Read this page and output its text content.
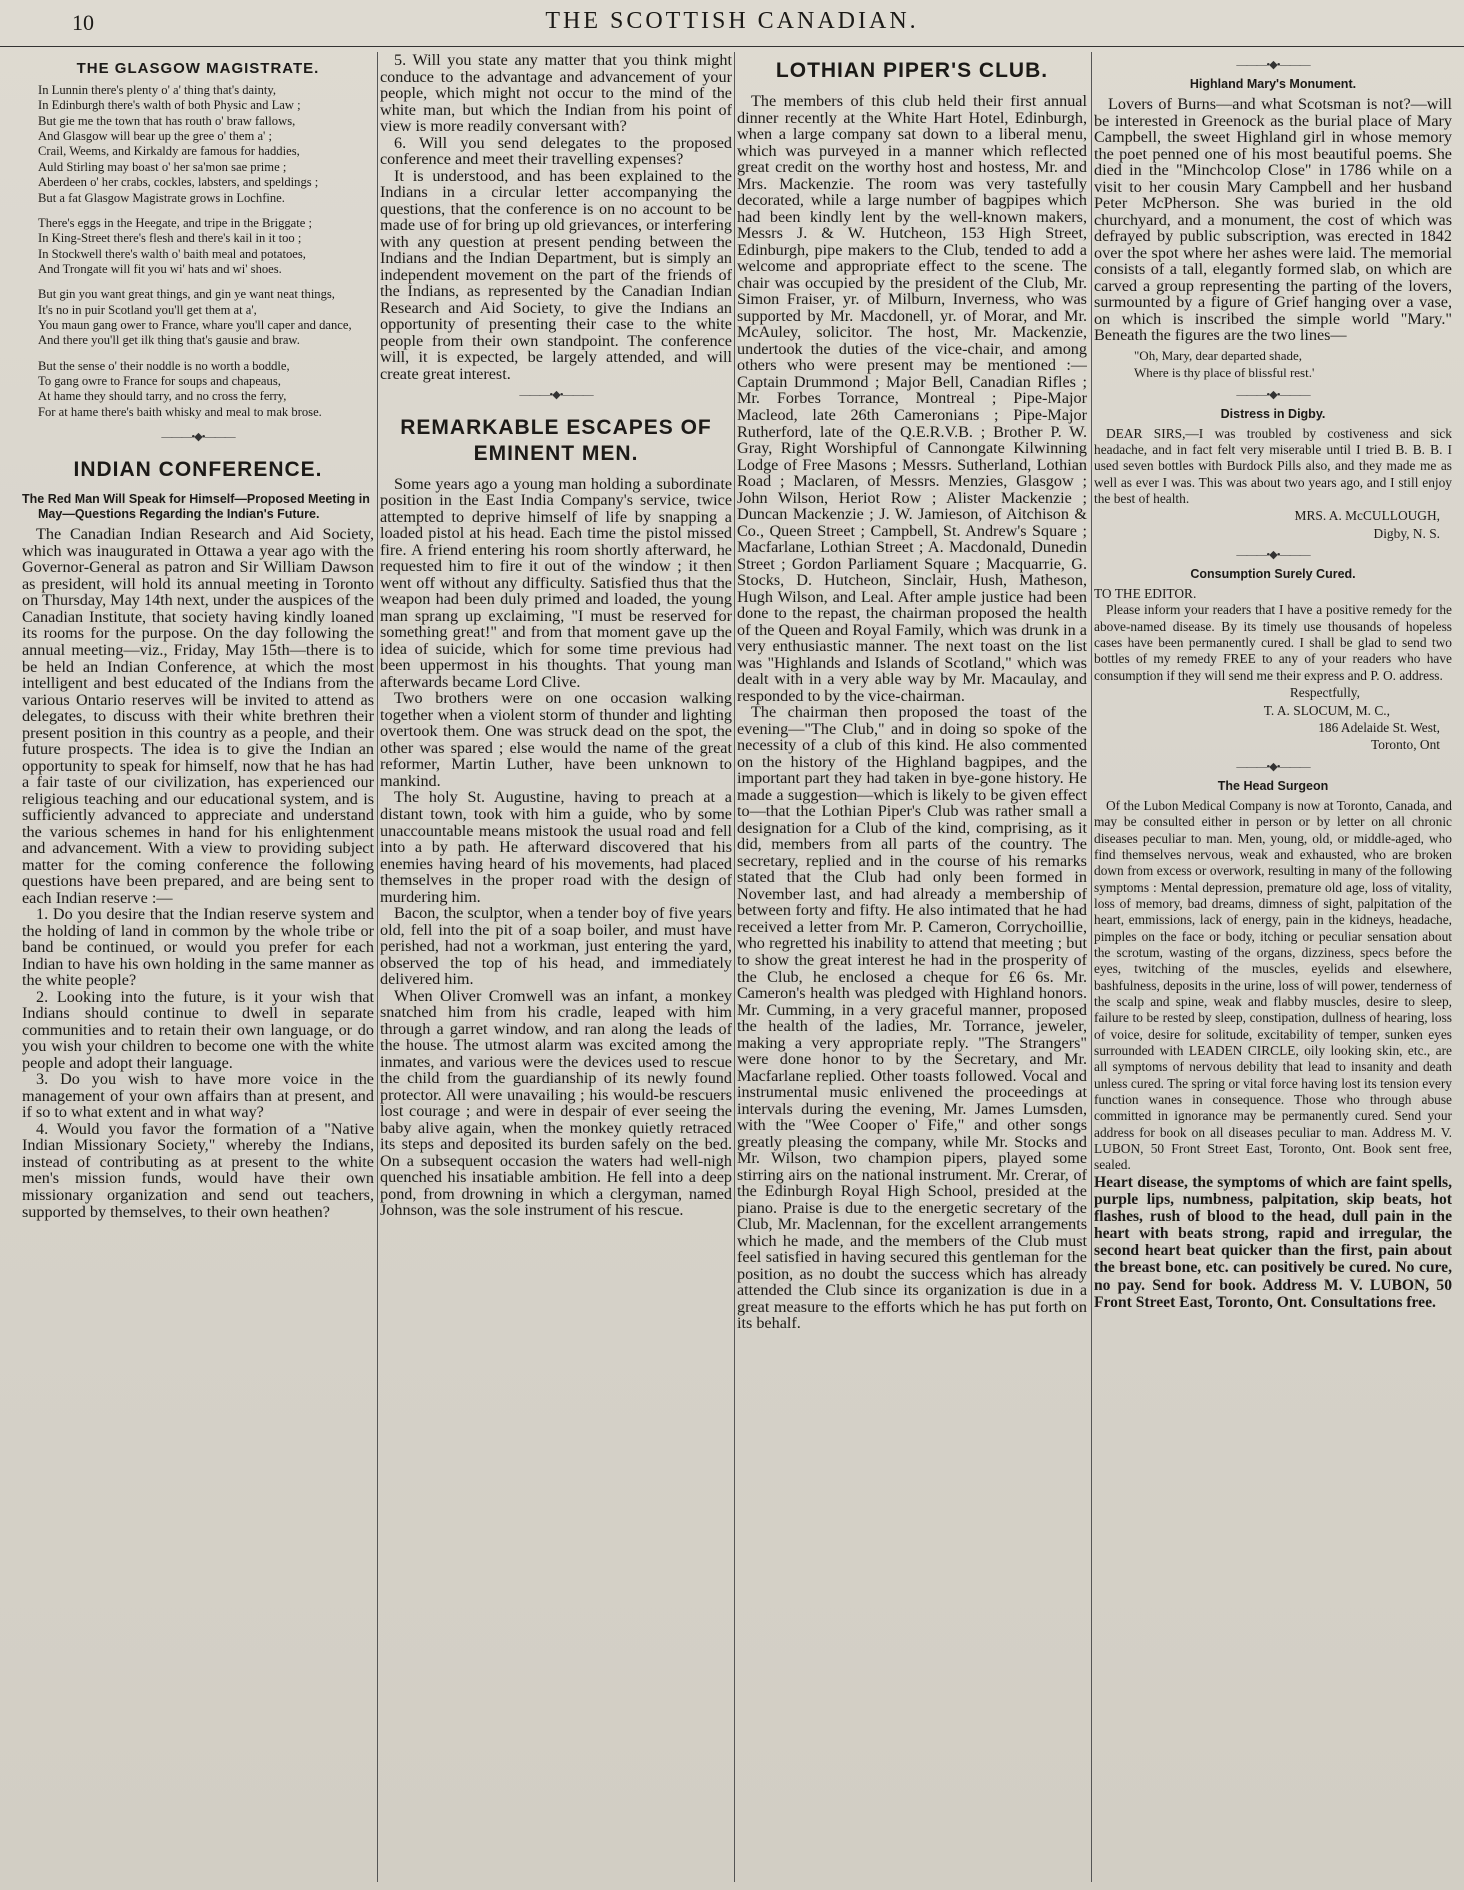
10	THE SCOTTISH CANADIAN.
THE GLASGOW MAGISTRATE.

In Lunnin there's plenty o' a' thing that's dainty,

In Edinburgh there's walth of both Physic and Law ;

But gie me the town that has routh o' braw fallows,

And Glasgow will bear up the gree o' them a' ;

Crail, Weems, and Kirkaldy are famous for haddies,

Auld Stirling may boast o' her sa'mon sae prime ;

Aberdeen o' her crabs, cockles, labsters, and speldings ;

But a fat Glasgow Magistrate grows in Lochfine.

There's eggs in the Heegate, and tripe in the Briggate ;

In King-Street there's flesh and there's kail in it too ;

In Stockwell there's walth o' baith meal and potatoes,

And Trongate will fit you wi' hats and wi' shoes.

But gin you want great things, and gin ye want neat things,

It's no in puir Scotland you'll get them at a',

You maun gang ower to France, whare you'll caper and dance,

And there you'll get ilk thing that's gausie and braw.

But the sense o' their noddle is no worth a boddle,

To gang owre to France for soups and chapeaus,

At hame they should tarry, and no cross the ferry,

For at hame there's baith whisky and meal to mak brose.

———•◆•———
INDIAN CONFERENCE.
The Red Man Will Speak for Himself—Proposed Meeting in May—Questions Regarding the Indian's Future.

The Canadian Indian Research and Aid Society, which was inaugurated in Ottawa a year ago with the Governor-General as patron and Sir William Dawson as president, will hold its annual meeting in Toronto on Thursday, May 14th next, under the auspices of the Canadian Institute, that society having kindly loaned its rooms for the purpose. On the day following the annual meeting—viz., Friday, May 15th—there is to be held an Indian Conference, at which the most intelligent and best educated of the Indians from the various Ontario reserves will be invited to attend as delegates, to discuss with their white brethren their present position in this country as a people, and their future prospects. The idea is to give the Indian an opportunity to speak for himself, now that he has had a fair taste of our civilization, has experienced our religious teaching and our educational system, and is sufficiently advanced to appreciate and understand the various schemes in hand for his enlightenment and advancement. With a view to providing subject matter for the coming conference the following questions have been prepared, and are being sent to each Indian reserve :—

1. Do you desire that the Indian reserve system and the holding of land in common by the whole tribe or band be continued, or would you prefer for each Indian to have his own holding in the same manner as the white people?

2. Looking into the future, is it your wish that Indians should continue to dwell in separate communities and to retain their own language, or do you wish your children to become one with the white people and adopt their language.

3. Do you wish to have more voice in the management of your own affairs than at present, and if so to what extent and in what way?

4. Would you favor the formation of a "Native Indian Missionary Society," whereby the Indians, instead of contributing as at present to the white men's mission funds, would have their own missionary organization and send out teachers, supported by themselves, to their own heathen?

5. Will you state any matter that you think might conduce to the advantage and advancement of your people, which might not occur to the mind of the white man, but which the Indian from his point of view is more readily conversant with?

6. Will you send delegates to the proposed conference and meet their travelling expenses?

It is understood, and has been explained to the Indians in a circular letter accompanying the questions, that the conference is on no account to be made use of for bring up old grievances, or interfering with any question at present pending between the Indians and the Indian Department, but is simply an independent movement on the part of the friends of the Indians, as represented by the Canadian Indian Research and Aid Society, to give the Indians an opportunity of presenting their case to the white people from their own standpoint. The conference will, it is expected, be largely attended, and will create great interest.

———•◆•———
REMARKABLE ESCAPES OF EMINENT MEN.

Some years ago a young man holding a subordinate position in the East India Company's service, twice attempted to deprive himself of life by snapping a loaded pistol at his head. Each time the pistol missed fire. A friend entering his room shortly afterward, he requested him to fire it out of the window ; it then went off without any difficulty. Satisfied thus that the weapon had been duly primed and loaded, the young man sprang up exclaiming, "I must be reserved for something great!" and from that moment gave up the idea of suicide, which for some time previous had been uppermost in his thoughts. That young man afterwards became Lord Clive.

Two brothers were on one occasion walking together when a violent storm of thunder and lighting overtook them. One was struck dead on the spot, the other was spared ; else would the name of the great reformer, Martin Luther, have been unknown to mankind.

The holy St. Augustine, having to preach at a distant town, took with him a guide, who by some unaccountable means mistook the usual road and fell into a by path. He afterward discovered that his enemies having heard of his movements, had placed themselves in the proper road with the design of murdering him.

Bacon, the sculptor, when a tender boy of five years old, fell into the pit of a soap boiler, and must have perished, had not a workman, just entering the yard, observed the top of his head, and immediately delivered him.

When Oliver Cromwell was an infant, a monkey snatched him from his cradle, leaped with him through a garret window, and ran along the leads of the house. The utmost alarm was excited among the inmates, and various were the devices used to rescue the child from the guardianship of its newly found protector. All were unavailing ; his would-be rescuers lost courage ; and were in despair of ever seeing the baby alive again, when the monkey quietly retraced its steps and deposited its burden safely on the bed. On a subsequent occasion the waters had well-nigh quenched his insatiable ambition. He fell into a deep pond, from drowning in which a clergyman, named Johnson, was the sole instrument of his rescue.

LOTHIAN PIPER'S CLUB.

The members of this club held their first annual dinner recently at the White Hart Hotel, Edinburgh, when a large company sat down to a liberal menu, which was purveyed in a manner which reflected great credit on the worthy host and hostess, Mr. and Mrs. Mackenzie. The room was very tastefully decorated, while a large number of bagpipes which had been kindly lent by the well-known makers, Messrs J. & W. Hutcheon, 153 High Street, Edinburgh, pipe makers to the Club, tended to add a welcome and appropriate effect to the scene. The chair was occupied by the president of the Club, Mr. Simon Fraiser, yr. of Milburn, Inverness, who was supported by Mr. Macdonell, yr. of Morar, and Mr. McAuley, solicitor. The host, Mr. Mackenzie, undertook the duties of the vice-chair, and among others who were present may be mentioned :—Captain Drummond ; Major Bell, Canadian Rifles ; Mr. Forbes Torrance, Montreal ; Pipe-Major Macleod, late 26th Cameronians ; Pipe-Major Rutherford, late of the Q.E.R.V.B. ; Brother P. W. Gray, Right Worshipful of Cannongate Kilwinning Lodge of Free Masons ; Messrs. Sutherland, Lothian Road ; Maclaren, of Messrs. Menzies, Glasgow ; John Wilson, Heriot Row ; Alister Mackenzie ; Duncan Mackenzie ; J. W. Jamieson, of Aitchison & Co., Queen Street ; Campbell, St. Andrew's Square ; Macfarlane, Lothian Street ; A. Macdonald, Dunedin Street ; Gordon Parliament Square ; Macquarrie, G. Stocks, D. Hutcheon, Sinclair, Hush, Matheson, Hugh Wilson, and Leal. After ample justice had been done to the repast, the chairman proposed the health of the Queen and Royal Family, which was drunk in a very enthusiastic manner. The next toast on the list was "Highlands and Islands of Scotland," which was dealt with in a very able way by Mr. Macaulay, and responded to by the vice-chairman.

The chairman then proposed the toast of the evening—"The Club," and in doing so spoke of the necessity of a club of this kind. He also commented on the history of the Highland bagpipes, and the important part they had taken in bye-gone history. He made a suggestion—which is likely to be given effect to—that the Lothian Piper's Club was rather small a designation for a Club of the kind, comprising, as it did, members from all parts of the country. The secretary, replied and in the course of his remarks stated that the Club had only been formed in November last, and had already a membership of between forty and fifty. He also intimated that he had received a letter from Mr. P. Cameron, Corrychoillie, who regretted his inability to attend that meeting ; but to show the great interest he had in the prosperity of the Club, he enclosed a cheque for £6 6s. Mr. Cameron's health was pledged with Highland honors. Mr. Cumming, in a very graceful manner, proposed the health of the ladies, Mr. Torrance, jeweler, making a very appropriate reply. "The Strangers" were done honor to by the Secretary, and Mr. Macfarlane replied. Other toasts followed. Vocal and instrumental music enlivened the proceedings at intervals during the evening, Mr. James Lumsden, with the "Wee Cooper o' Fife," and other songs greatly pleasing the company, while Mr. Stocks and Mr. Wilson, two champion pipers, played some stirring airs on the national instrument. Mr. Crerar, of the Edinburgh Royal High School, presided at the piano. Praise is due to the energetic secretary of the Club, Mr. Maclennan, for the excellent arrangements which he made, and the members of the Club must feel satisfied in having secured this gentleman for the position, as no doubt the success which has already attended the Club since its organization is due in a great measure to the efforts which he has put forth on its behalf.

———•◆•———
Highland Mary's Monument.

Lovers of Burns—and what Scotsman is not?—will be interested in Greenock as the burial place of Mary Campbell, the sweet Highland girl in whose memory the poet penned one of his most beautiful poems. She died in the "Minchcolop Close" in 1786 while on a visit to her cousin Mary Campbell and her husband Peter McPherson. She was buried in the old churchyard, and a monument, the cost of which was defrayed by public subscription, was erected in 1842 over the spot where her ashes were laid. The memorial consists of a tall, elegantly formed slab, on which are carved a group representing the parting of the lovers, surmounted by a figure of Grief hanging over a vase, on which is inscribed the simple world "Mary." Beneath the figures are the two lines—

"Oh, Mary, dear departed shade,
Where is thy place of blissful rest.'
———•◆•———
Distress in Digby.

DEAR SIRS,—I was troubled by costiveness and sick headache, and in fact felt very miserable until I tried B. B. B. I used seven bottles with Burdock Pills also, and they made me as well as ever I was. This was about two years ago, and I still enjoy the best of health.

MRS. A. McCULLOUGH,
Digby, N. S.
———•◆•———
Consumption Surely Cured.
TO THE EDITOR.

Please inform your readers that I have a positive remedy for the above-named disease. By its timely use thousands of hopeless cases have been permanently cured. I shall be glad to send two bottles of my remedy FREE to any of your readers who have consumption if they will send me their express and P. O. address.

Respectfully,
T. A. SLOCUM, M. C.,
186 Adelaide St. West,
Toronto, Ont
———•◆•———
The Head Surgeon

Of the Lubon Medical Company is now at Toronto, Canada, and may be consulted either in person or by letter on all chronic diseases peculiar to man. Men, young, old, or middle-aged, who find themselves nervous, weak and exhausted, who are broken down from excess or overwork, resulting in many of the following symptoms : Mental depression, premature old age, loss of vitality, loss of memory, bad dreams, dimness of sight, palpitation of the heart, emmissions, lack of energy, pain in the kidneys, headache, pimples on the face or body, itching or peculiar sensation about the scrotum, wasting of the organs, dizziness, specs before the eyes, twitching of the muscles, eyelids and elsewhere, bashfulness, deposits in the urine, loss of will power, tenderness of the scalp and spine, weak and flabby muscles, desire to sleep, failure to be rested by sleep, constipation, dullness of hearing, loss of voice, desire for solitude, excitability of temper, sunken eyes surrounded with LEADEN CIRCLE, oily looking skin, etc., are all symptoms of nervous debility that lead to insanity and death unless cured. The spring or vital force having lost its tension every function wanes in consequence. Those who through abuse committed in ignorance may be permanently cured. Send your address for book on all diseases peculiar to man. Address M. V. LUBON, 50 Front Street East, Toronto, Ont. Book sent free, sealed.

Heart disease, the symptoms of which are faint spells, purple lips, numbness, palpitation, skip beats, hot flashes, rush of blood to the head, dull pain in the heart with beats strong, rapid and irregular, the second heart beat quicker than the first, pain about the breast bone, etc. can positively be cured. No cure, no pay. Send for book. Address M. V. LUBON, 50 Front Street East, Toronto, Ont. Consultations free.
